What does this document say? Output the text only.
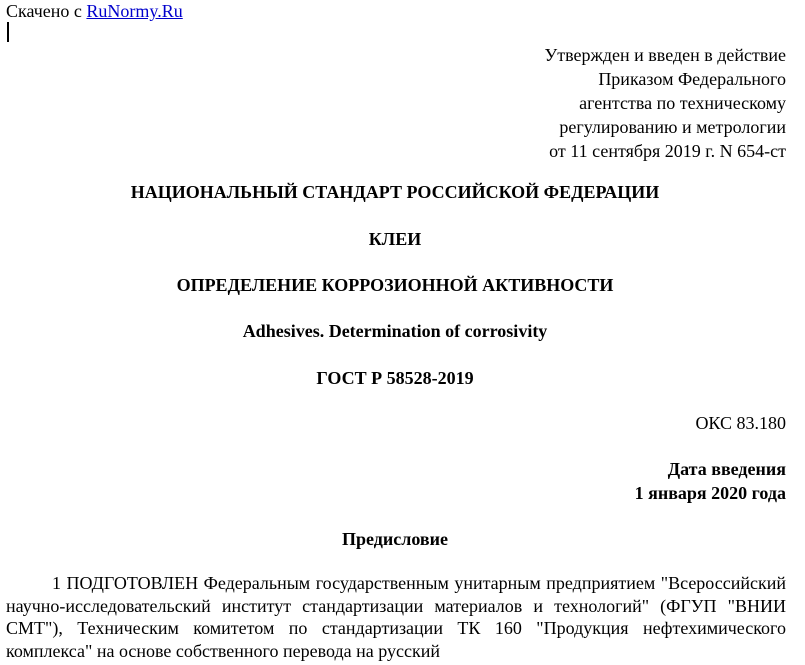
Скачено с RuNormy.Ru
Утвержден и введен в действие
Приказом Федерального
агентства по техническому
регулированию и метрологии
от 11 сентября 2019 г. N 654-ст
НАЦИОНАЛЬНЫЙ СТАНДАРТ РОССИЙСКОЙ ФЕДЕРАЦИИ
КЛЕИ
ОПРЕДЕЛЕНИЕ КОРРОЗИОННОЙ АКТИВНОСТИ
Adhesives. Determination of corrosivity
ГОСТ Р 58528-2019
ОКС 83.180
Дата введения
1 января 2020 года
Предисловие
1 ПОДГОТОВЛЕН Федеральным государственным унитарным предприятием "Всероссийский научно-исследовательский институт стандартизации материалов и технологий" (ФГУП "ВНИИ СМТ"), Техническим комитетом по стандартизации ТК 160 "Продукция нефтехимического комплекса" на основе собственного перевода на русский
